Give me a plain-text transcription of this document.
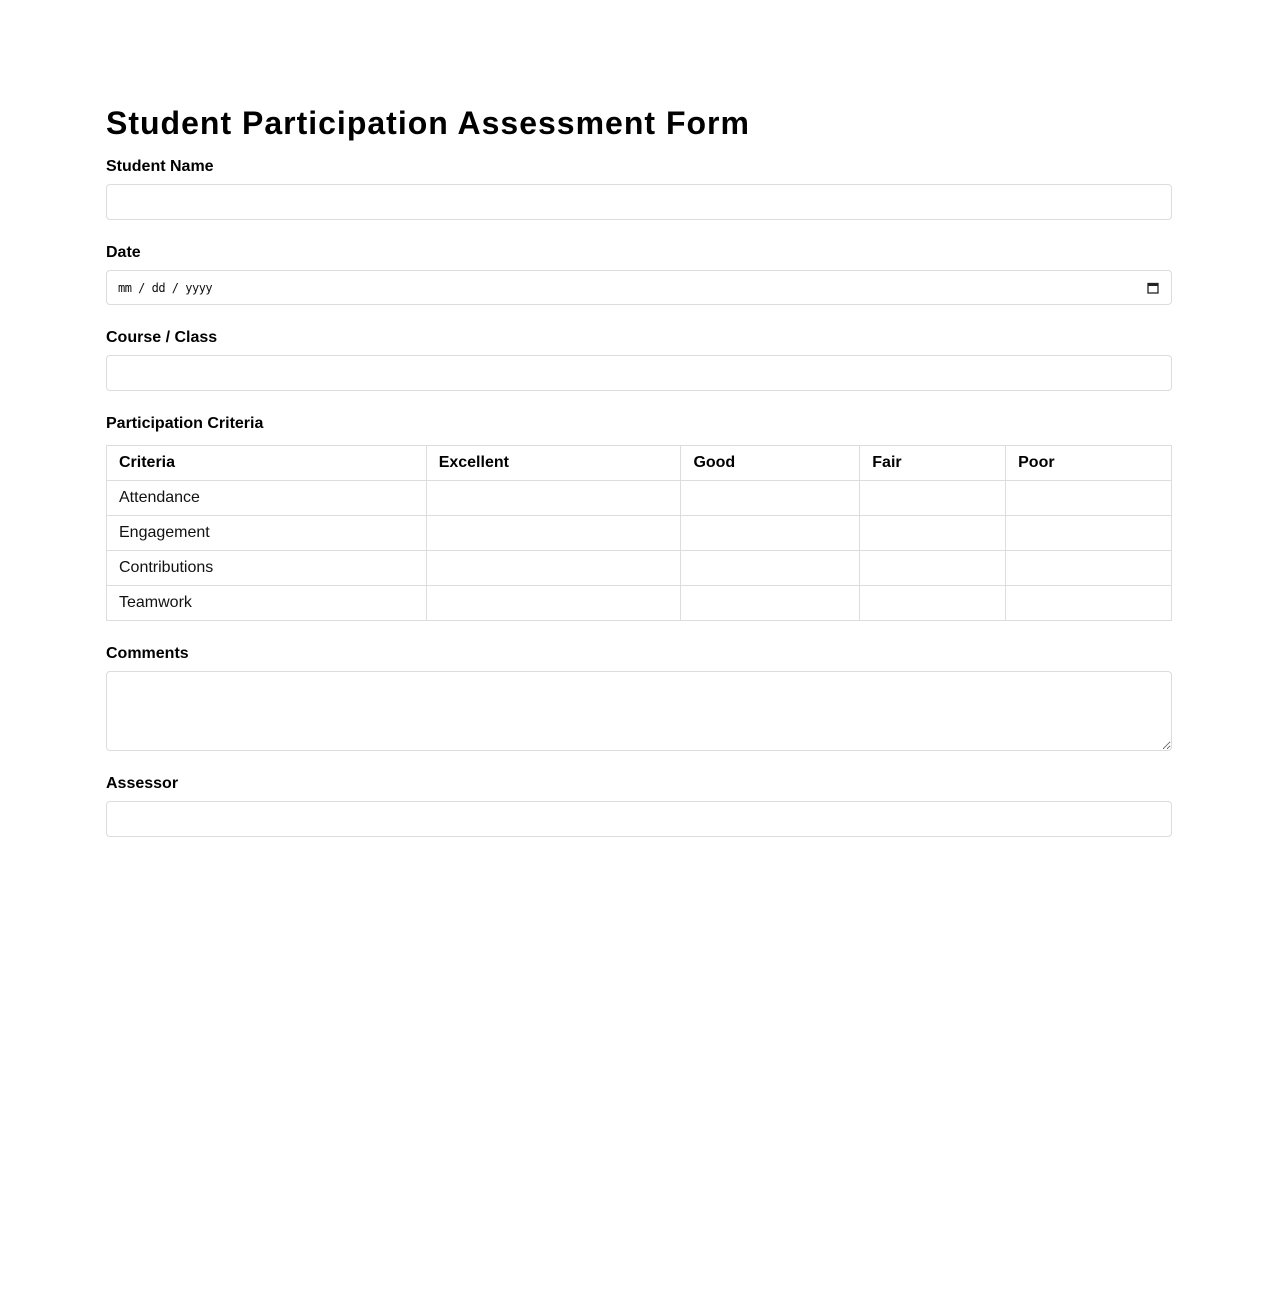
Student Participation Assessment Form
Student Name
Date
mm / dd / yyyy
Course / Class
Participation Criteria
Criteria	Excellent	Good	Fair	Poor
Attendance				
Engagement				
Contributions				
Teamwork				
Comments
Assessor
